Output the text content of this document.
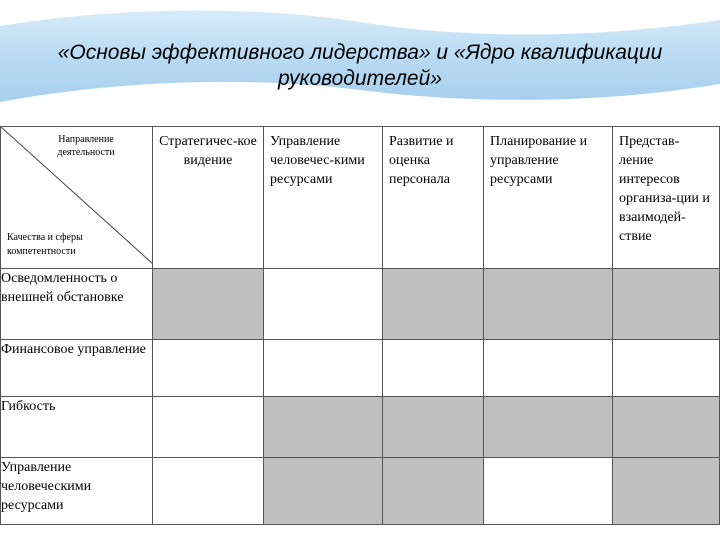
«Основы эффективного лидерства» и «Ядро квалификации
руководителей»
Направление деятельности
Качества и сферы компетентности	Стратегичес-кое видение	Управление человечес-кими ресурсами	Развитие и оценка персонала	Планирование и управление ресурсами	Представ-ление интересов организа-ции и взаимодей-ствие
Осведомленность о внешней обстановке					
Финансовое управление					
Гибкость					
Управление человеческими ресурсами					
